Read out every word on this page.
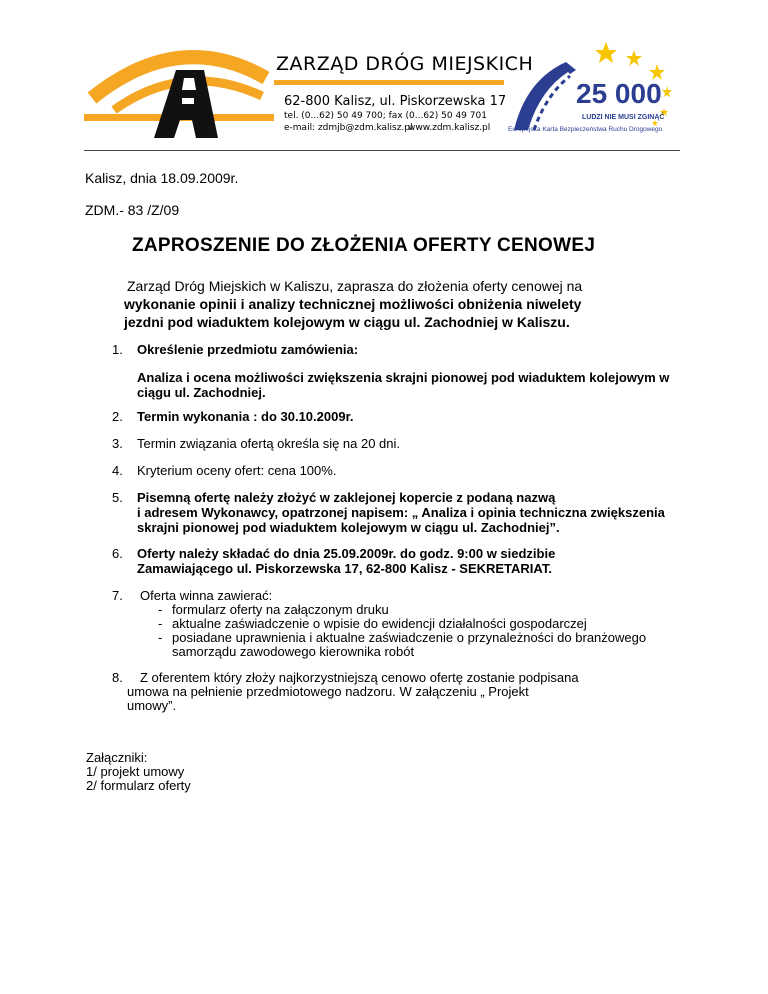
ZARZĄD DRÓG MIEJSKICH
62-800 Kalisz, ul. Piskorzewska 17
tel. (0...62) 50 49 700; fax (0...62) 50 49 701
e-mail: zdmjb@zdm.kalisz.pl
www.zdm.kalisz.pl
25 000
LUDZI NIE MUSI ZGINĄĆ
Europejska Karta Bezpieczeństwa Ruchu Drogowego
Kalisz, dnia 18.09.2009r.
ZDM.- 83 /Z/09
ZAPROSZENIE DO ZŁOŻENIA OFERTY CENOWEJ
Zarząd Dróg Miejskich w Kaliszu, zaprasza do złożenia oferty cenowej na
wykonanie opinii i analizy technicznej możliwości obniżenia niwelety
jezdni pod wiaduktem kolejowym w ciągu ul. Zachodniej w Kaliszu.
1. Określenie przedmiotu zamówienia:
Analiza i ocena możliwości zwiększenia skrajni pionowej pod wiaduktem kolejowym w
ciągu ul. Zachodniej.
2. Termin wykonania : do 30.10.2009r.
3. Termin związania ofertą określa się na 20 dni.
4. Kryterium oceny ofert: cena 100%.
5. Pisemną ofertę należy złożyć w zaklejonej kopercie z podaną nazwą
i adresem Wykonawcy, opatrzonej napisem: „ Analiza i opinia techniczna zwiększenia
skrajni pionowej pod wiaduktem kolejowym w ciągu ul. Zachodniej”.
6. Oferty należy składać do dnia 25.09.2009r. do godz. 9:00 w siedzibie
Zamawiającego ul. Piskorzewska 17, 62-800 Kalisz - SEKRETARIAT.
7. Oferta winna zawierać:
- formularz oferty na załączonym druku
- aktualne zaświadczenie o wpisie do ewidencji działalności gospodarczej
- posiadane uprawnienia i aktualne zaświadczenie o przynależności do branżowego
samorządu zawodowego kierownika robót
8. Z oferentem który złoży najkorzystniejszą cenowo ofertę zostanie podpisana
umowa na pełnienie przedmiotowego nadzoru. W załączeniu „ Projekt
umowy”.
Załączniki:
1/ projekt umowy
2/ formularz oferty
